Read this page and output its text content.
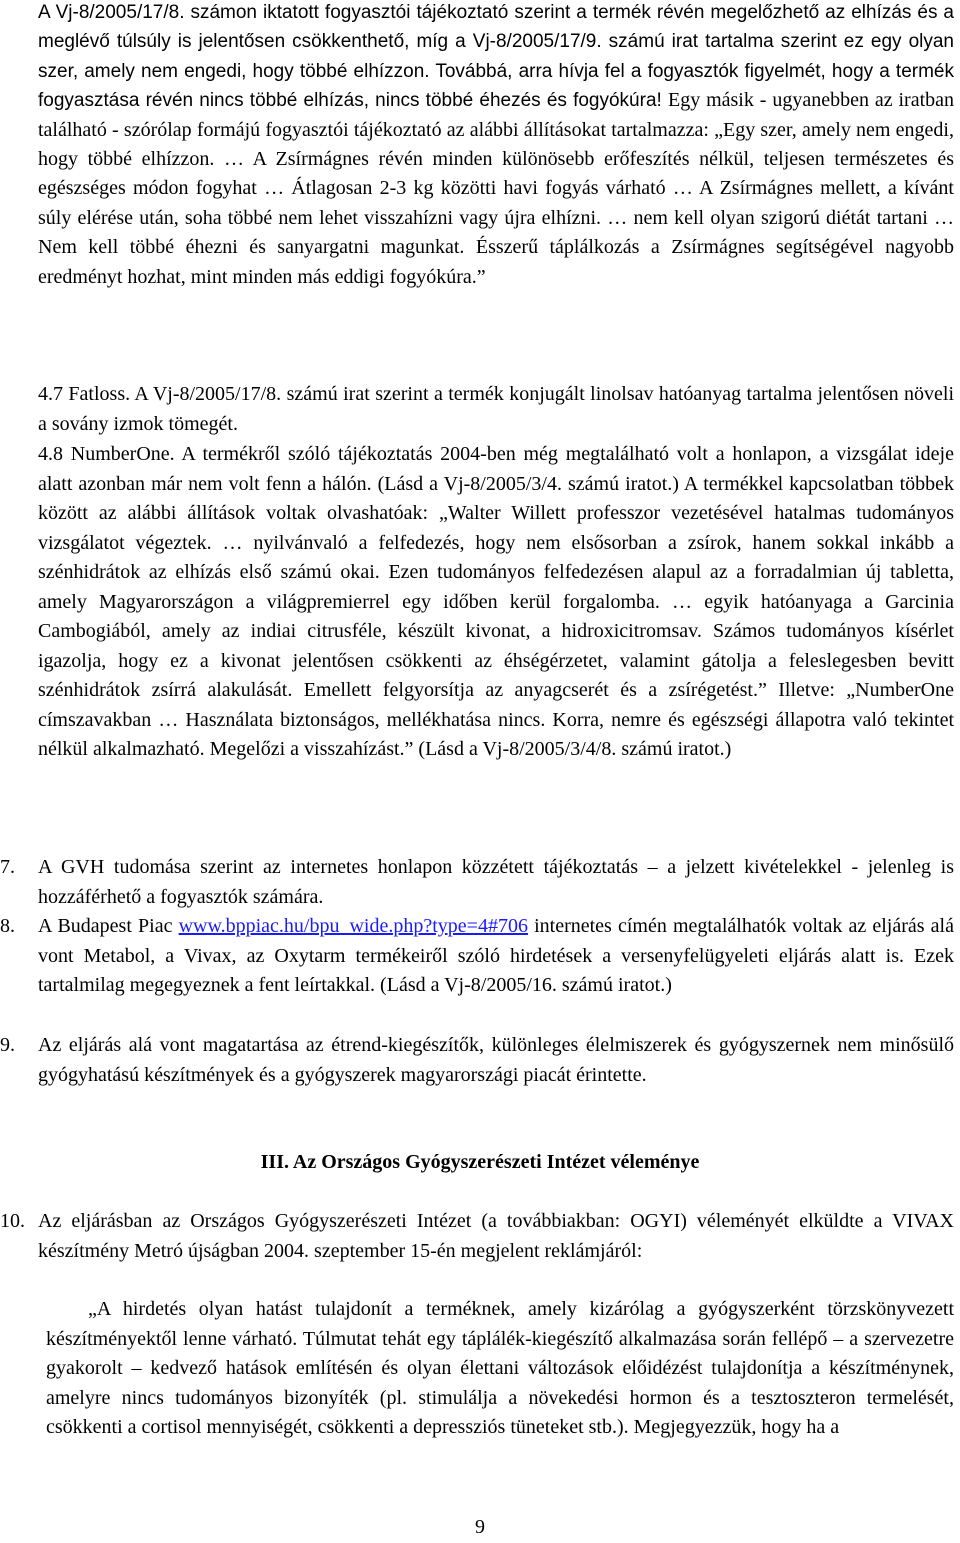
A Vj-8/2005/17/8. számon iktatott fogyasztói tájékoztató szerint a termék révén megelőzhető az elhízás és a meglévő túlsúly is jelentősen csökkenthető, míg a Vj-8/2005/17/9. számú irat tartalma szerint ez egy olyan szer, amely nem engedi, hogy többé elhízzon. Továbbá, arra hívja fel a fogyasztók figyelmét, hogy a termék fogyasztása révén nincs többé elhízás, nincs többé éhezés és fogyókúra! Egy másik - ugyanebben az iratban található - szórólap formájú fogyasztói tájékoztató az alábbi állításokat tartalmazza: „Egy szer, amely nem engedi, hogy többé elhízzon. … A Zsírmágnes révén minden különösebb erőfeszítés nélkül, teljesen természetes és egészséges módon fogyhat … Átlagosan 2-3 kg közötti havi fogyás várható … A Zsírmágnes mellett, a kívánt súly elérése után, soha többé nem lehet visszahízni vagy újra elhízni. … nem kell olyan szigorú diétát tartani … Nem kell többé éhezni és sanyargatni magunkat. Ésszerű táplálkozás a Zsírmágnes segítségével nagyobb eredményt hozhat, mint minden más eddigi fogyókúra.”
4.7 Fatloss. A Vj-8/2005/17/8. számú irat szerint a termék konjugált linolsav hatóanyag tartalma jelentősen növeli a sovány izmok tömegét.
4.8 NumberOne. A termékről szóló tájékoztatás 2004-ben még megtalálható volt a honlapon, a vizsgálat ideje alatt azonban már nem volt fenn a hálón. (Lásd a Vj-8/2005/3/4. számú iratot.) A termékkel kapcsolatban többek között az alábbi állítások voltak olvashatóak: „Walter Willett professzor vezetésével hatalmas tudományos vizsgálatot végeztek. … nyilvánvaló a felfedezés, hogy nem elsősorban a zsírok, hanem sokkal inkább a szénhidrátok az elhízás első számú okai. Ezen tudományos felfedezésen alapul az a forradalmian új tabletta, amely Magyarországon a világpremierrel egy időben kerül forgalomba. … egyik hatóanyaga a Garcinia Cambogiából, amely az indiai citrusféle, készült kivonat, a hidroxicitromsav. Számos tudományos kísérlet igazolja, hogy ez a kivonat jelentősen csökkenti az éhségérzetet, valamint gátolja a feleslegesben bevitt szénhidrátok zsírrá alakulását. Emellett felgyorsítja az anyagcserét és a zsírégetést.” Illetve: „NumberOne címszavakban … Használata biztonságos, mellékhatása nincs. Korra, nemre és egészségi állapotra való tekintet nélkül alkalmazható. Megelőzi a visszahízást.” (Lásd a Vj-8/2005/3/4/8. számú iratot.)
7. A GVH tudomása szerint az internetes honlapon közzétett tájékoztatás – a jelzett kivételekkel - jelenleg is hozzáférhető a fogyasztók számára.
8. A Budapest Piac www.bppiac.hu/bpu_wide.php?type=4#706 internetes címén megtalálhatók voltak az eljárás alá vont Metabol, a Vivax, az Oxytarm termékeiről szóló hirdetések a versenyfelügyeleti eljárás alatt is. Ezek tartalmilag megegyeznek a fent leírtakkal. (Lásd a Vj-8/2005/16. számú iratot.)
9. Az eljárás alá vont magatartása az étrend-kiegészítők, különleges élelmiszerek és gyógyszernek nem minősülő gyógyhatású készítmények és a gyógyszerek magyarországi piacát érintette.
III. Az Országos Gyógyszerészeti Intézet véleménye
10. Az eljárásban az Országos Gyógyszerészeti Intézet (a továbbiakban: OGYI) véleményét elküldte a VIVAX készítmény Metró újságban 2004. szeptember 15-én megjelent reklámjáról:
„A hirdetés olyan hatást tulajdonít a terméknek, amely kizárólag a gyógyszerként törzskönyvezett készítményektől lenne várható. Túlmutat tehát egy táplálék-kiegészítő alkalmazása során fellépő – a szervezetre gyakorolt – kedvező hatások említésén és olyan élettani változások előidézést tulajdonítja a készítménynek, amelyre nincs tudományos bizonyíték (pl. stimulálja a növekedési hormon és a tesztoszteron termelését, csökkenti a cortisol mennyiségét, csökkenti a depressziós tüneteket stb.). Megjegyezzük, hogy ha a
9
